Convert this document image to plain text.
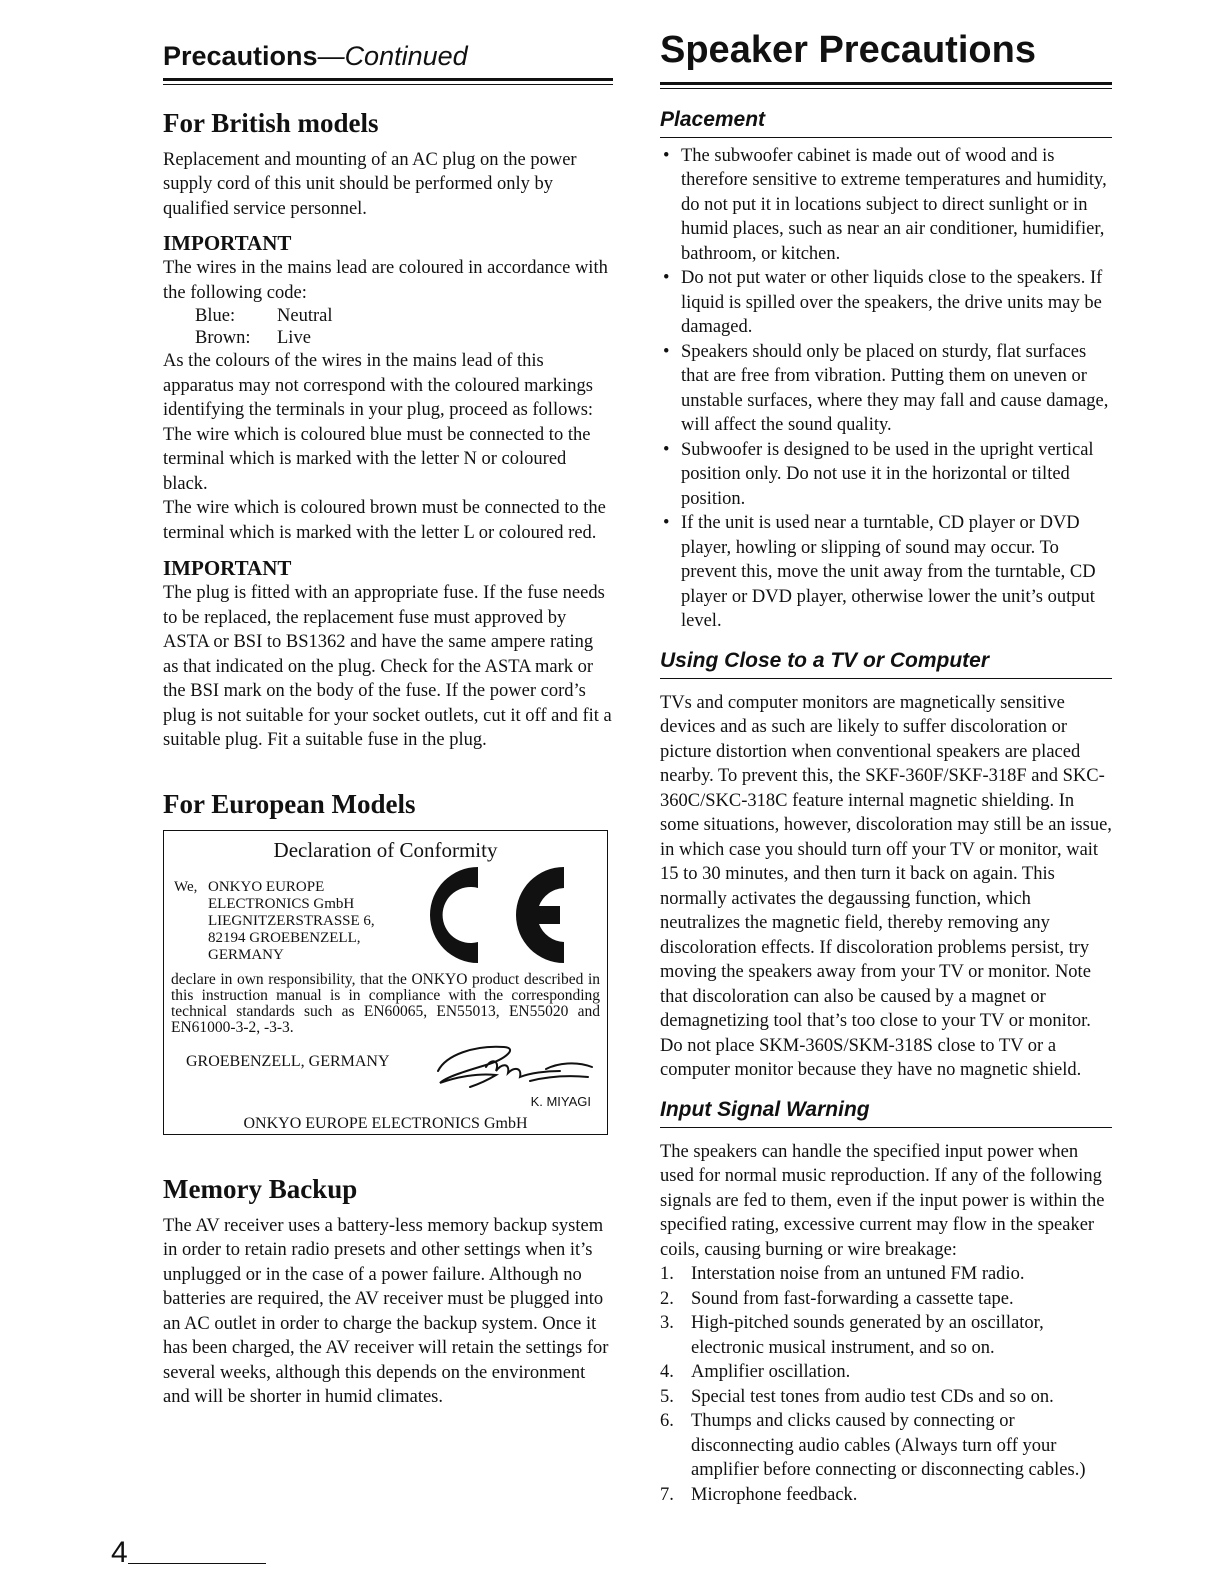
Precautions—Continued
For British models

Replacement and mounting of an AC plug on the power supply cord of this unit should be performed only by qualified service personnel.

IMPORTANT

The wires in the mains lead are coloured in accordance with the following code:

Blue:	Neutral
Brown:	Live

As the colours of the wires in the mains lead of this apparatus may not correspond with the coloured markings identifying the terminals in your plug, proceed as follows:

The wire which is coloured blue must be connected to the terminal which is marked with the letter N or coloured black.

The wire which is coloured brown must be connected to the terminal which is marked with the letter L or coloured red.

IMPORTANT

The plug is fitted with an appropriate fuse. If the fuse needs to be replaced, the replacement fuse must approved by ASTA or BSI to BS1362 and have the same ampere rating as that indicated on the plug. Check for the ASTA mark or the BSI mark on the body of the fuse. If the power cord’s plug is not suitable for your socket outlets, cut it off and fit a suitable plug. Fit a suitable fuse in the plug.

For European Models
Declaration of Conformity
We, ONKYO EUROPE
ELECTRONICS GmbH
LIEGNITZERSTRASSE 6,
82194 GROEBENZELL,
GERMANY
declare in own responsibility, that the ONKYO product described in this instruction manual is in compliance with the corresponding technical standards such as EN60065, EN55013, EN55020 and EN61000-3-2, -3-3.
GROEBENZELL, GERMANY
K. MIYAGI
ONKYO EUROPE ELECTRONICS GmbH
Memory Backup

The AV receiver uses a battery-less memory backup system in order to retain radio presets and other settings when it’s unplugged or in the case of a power failure. Although no batteries are required, the AV receiver must be plugged into an AC outlet in order to charge the backup system. Once it has been charged, the AV receiver will retain the settings for several weeks, although this depends on the environment and will be shorter in humid climates.

Speaker Precautions
Placement
• The subwoofer cabinet is made out of wood and is therefore sensitive to extreme temperatures and humidity, do not put it in locations subject to direct sunlight or in humid places, such as near an air conditioner, humidifier, bathroom, or kitchen.
• Do not put water or other liquids close to the speakers. If liquid is spilled over the speakers, the drive units may be damaged.
• Speakers should only be placed on sturdy, flat surfaces that are free from vibration. Putting them on uneven or unstable surfaces, where they may fall and cause damage, will affect the sound quality.
• Subwoofer is designed to be used in the upright vertical position only. Do not use it in the horizontal or tilted position.
• If the unit is used near a turntable, CD player or DVD player, howling or slipping of sound may occur. To prevent this, move the unit away from the turntable, CD player or DVD player, otherwise lower the unit’s output level.
Using Close to a TV or Computer

TVs and computer monitors are magnetically sensitive devices and as such are likely to suffer discoloration or picture distortion when conventional speakers are placed nearby. To prevent this, the SKF-360F/SKF-318F and SKC-360C/SKC-318C feature internal magnetic shielding. In some situations, however, discoloration may still be an issue, in which case you should turn off your TV or monitor, wait 15 to 30 minutes, and then turn it back on again. This normally activates the degaussing function, which neutralizes the magnetic field, thereby removing any discoloration effects. If discoloration problems persist, try moving the speakers away from your TV or monitor. Note that discoloration can also be caused by a magnet or demagnetizing tool that’s too close to your TV or monitor.

Do not place SKM-360S/SKM-318S close to TV or a computer monitor because they have no magnetic shield.

Input Signal Warning

The speakers can handle the specified input power when used for normal music reproduction. If any of the following signals are fed to them, even if the input power is within the specified rating, excessive current may flow in the speaker coils, causing burning or wire breakage:

1. Interstation noise from an untuned FM radio.
2. Sound from fast-forwarding a cassette tape.
3. High-pitched sounds generated by an oscillator, electronic musical instrument, and so on.
4. Amplifier oscillation.
5. Special test tones from audio test CDs and so on.
6. Thumps and clicks caused by connecting or disconnecting audio cables (Always turn off your amplifier before connecting or disconnecting cables.)
7. Microphone feedback.
4
